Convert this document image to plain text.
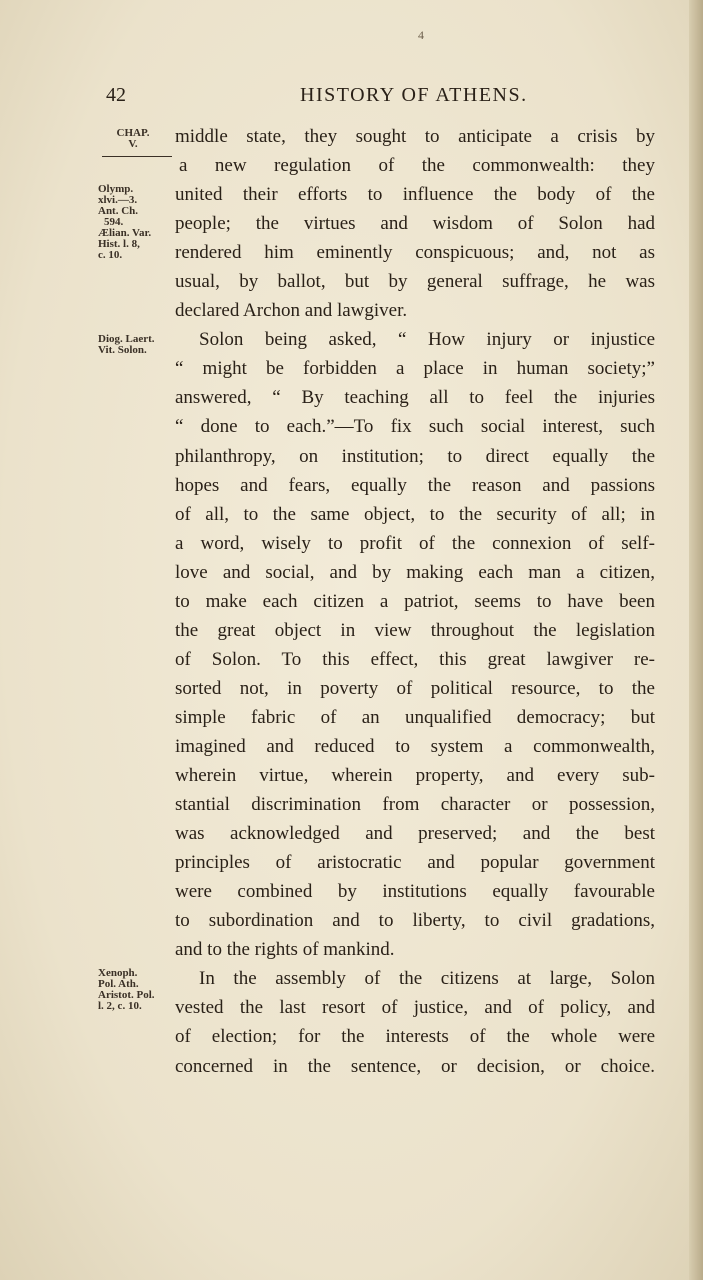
4
42	HISTORY OF ATHENS.
CHAP.
V.
Olymp.
xlvi.—3.
Ant. Ch.
594.
Ælian. Var.
Hist. l. 8,
c. 10.
Diog. Laert.
Vit. Solon.
Xenoph.
Pol. Ath.
Aristot. Pol.
l. 2, c. 10.
middle state, they sought to anticipate a crisis by
a new regulation of the commonwealth: they
united their efforts to influence the body of the
people; the virtues and wisdom of Solon had
rendered him eminently conspicuous; and, not as
usual, by ballot, but by general suffrage, he was
declared Archon and lawgiver.
Solon being asked, “ How injury or injustice
“ might be forbidden a place in human society;”
answered, “ By teaching all to feel the injuries
“ done to each.”—To fix such social interest, such
philanthropy, on institution; to direct equally the
hopes and fears, equally the reason and passions
of all, to the same object, to the security of all; in
a word, wisely to profit of the connexion of self-
love and social, and by making each man a citizen,
to make each citizen a patriot, seems to have been
the great object in view throughout the legislation
of Solon. To this effect, this great lawgiver re-
sorted not, in poverty of political resource, to the
simple fabric of an unqualified democracy; but
imagined and reduced to system a commonwealth,
wherein virtue, wherein property, and every sub-
stantial discrimination from character or possession,
was acknowledged and preserved; and the best
principles of aristocratic and popular government
were combined by institutions equally favourable
to subordination and to liberty, to civil gradations,
and to the rights of mankind.
In the assembly of the citizens at large, Solon
vested the last resort of justice, and of policy, and
of election; for the interests of the whole were
concerned in the sentence, or decision, or choice.
